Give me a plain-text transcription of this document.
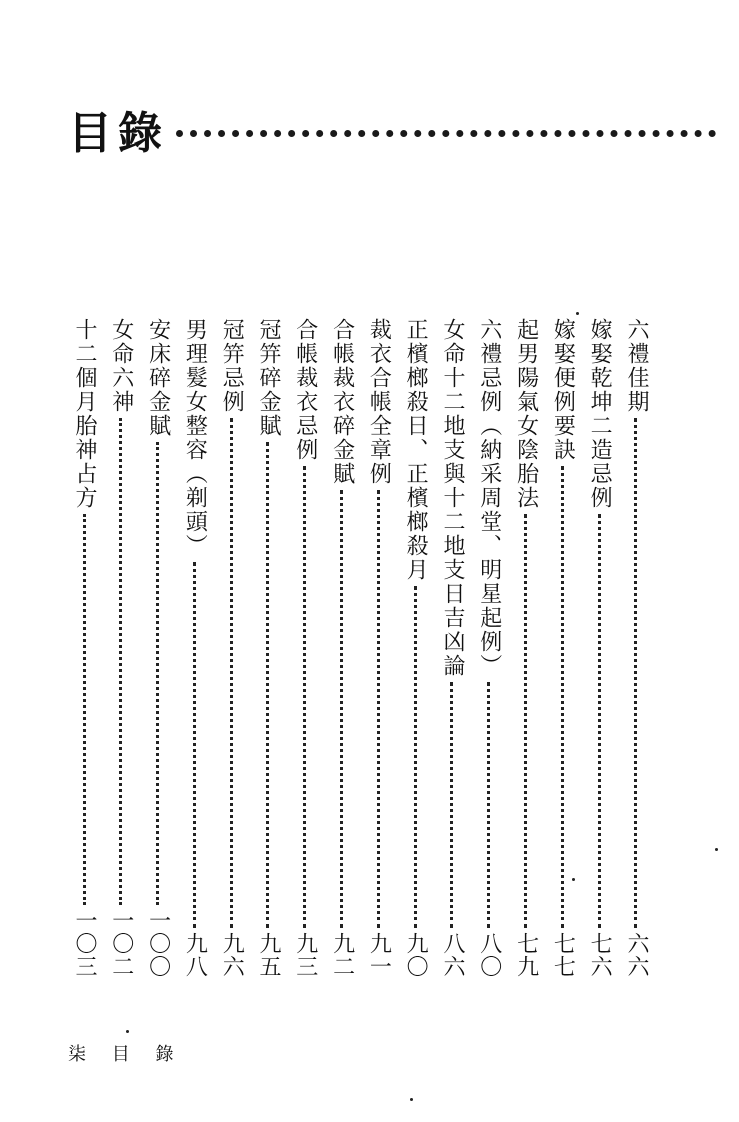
目錄
六禮佳期
六六
嫁娶乾坤二造忌例
七六
嫁娶便例要訣
七七
起男陽氣女陰胎法
七九
六禮忌例（納采周堂、明星起例）
八〇
女命十二地支與十二地支日吉凶論
八六
正檳榔殺日、正檳榔殺月
九〇
裁衣合帳全章例
九一
合帳裁衣碎金賦
九二
合帳裁衣忌例
九三
冠笄碎金賦
九五
冠笄忌例
九六
男理髮女整容（剃頭）
九八
安床碎金賦
一〇〇
女命六神
一〇二
十二個月胎神占方
一〇三
柒 目 錄
